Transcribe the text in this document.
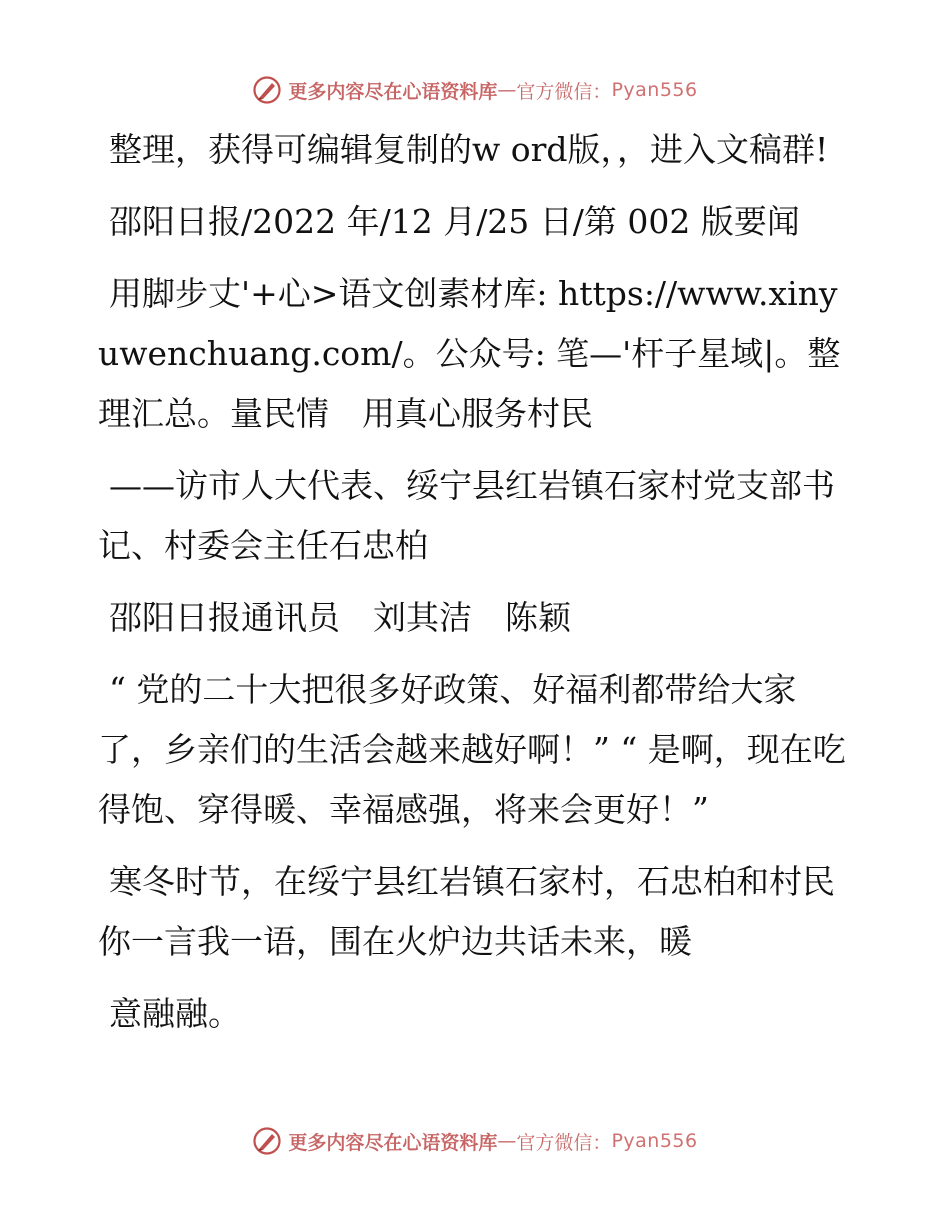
更多内容尽在心语资料库 — 官方微信： Pyan556

整理，获得可编辑复制的w ord版，，进入文稿群!

邵阳日报/2022 年/12 月/25 日/第 002 版要闻

用脚步丈'+心>语文创素材库: https://www.xinyuwenchuang.com/。公众号: 笔—'杆子星域|。整理汇总。量民情　用真心服务村民

——访市人大代表、绥宁县红岩镇石家村党支部书记、村委会主任石忠柏

邵阳日报通讯员　刘其洁　陈颖

“ 党的二十大把很多好政策、好福利都带给大家了，乡亲们的生活会越来越好啊！” “ 是啊，现在吃得饱、穿得暖、幸福感强，将来会更好！”

寒冬时节，在绥宁县红岩镇石家村，石忠柏和村民你一言我一语，围在火炉边共话未来，暖

意融融。

更多内容尽在心语资料库 — 官方微信： Pyan556
